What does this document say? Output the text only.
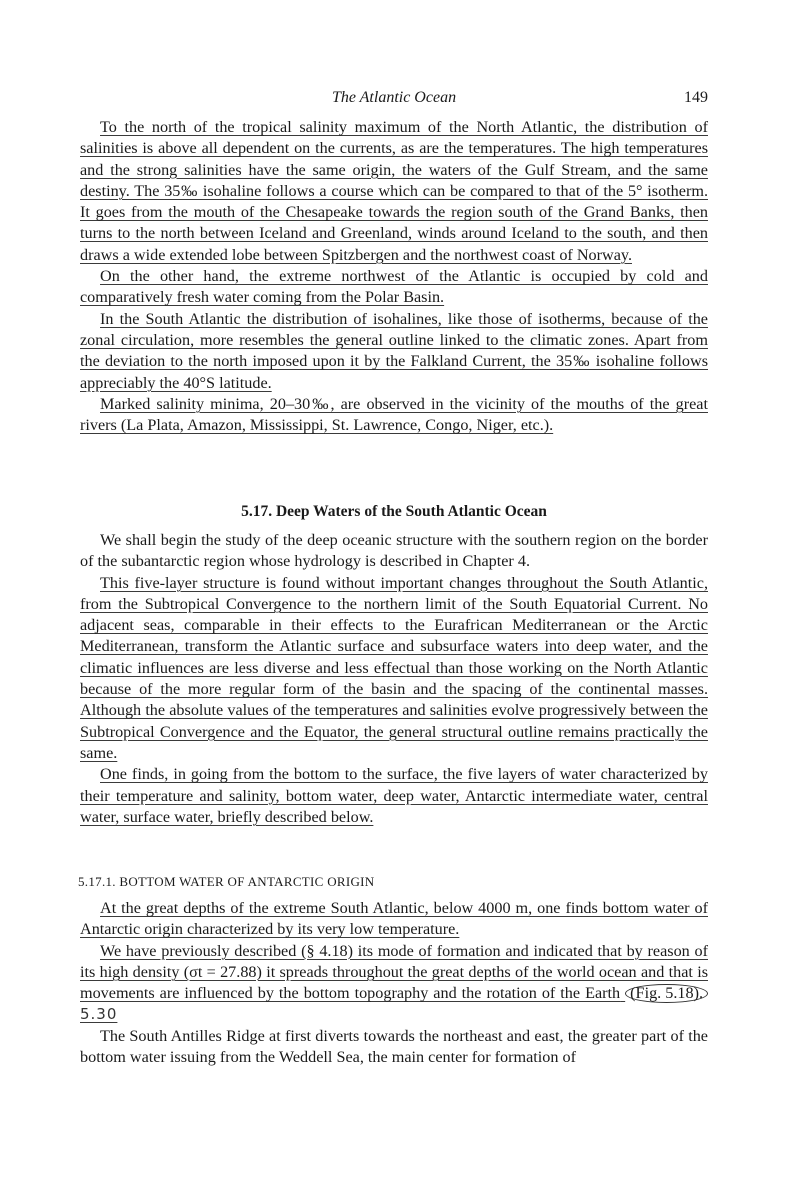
The Atlantic Ocean	149

To the north of the tropical salinity maximum of the North Atlantic, the distribution of salinities is above all dependent on the currents, as are the temperatures. The high temperatures and the strong salinities have the same origin, the waters of the Gulf Stream, and the same destiny. The 35‰ isohaline follows a course which can be compared to that of the 5° isotherm. It goes from the mouth of the Chesapeake towards the region south of the Grand Banks, then turns to the north between Iceland and Greenland, winds around Iceland to the south, and then draws a wide extended lobe between Spitzbergen and the northwest coast of Norway.

On the other hand, the extreme northwest of the Atlantic is occupied by cold and comparatively fresh water coming from the Polar Basin.

In the South Atlantic the distribution of isohalines, like those of isotherms, because of the zonal circulation, more resembles the general outline linked to the climatic zones. Apart from the deviation to the north imposed upon it by the Falkland Current, the 35‰ isohaline follows appreciably the 40°S latitude.

Marked salinity minima, 20–30‰, are observed in the vicinity of the mouths of the great rivers (La Plata, Amazon, Mississippi, St. Lawrence, Congo, Niger, etc.).

5.17. Deep Waters of the South Atlantic Ocean

We shall begin the study of the deep oceanic structure with the southern region on the border of the subantarctic region whose hydrology is described in Chapter 4.

This five-layer structure is found without important changes throughout the South Atlantic, from the Subtropical Convergence to the northern limit of the South Equatorial Current. No adjacent seas, comparable in their effects to the Eurafrican Mediterranean or the Arctic Mediterranean, transform the Atlantic surface and subsurface waters into deep water, and the climatic influences are less diverse and less effectual than those working on the North Atlantic because of the more regular form of the basin and the spacing of the continental masses. Although the absolute values of the temperatures and salinities evolve progressively between the Subtropical Convergence and the Equator, the general structural outline remains practically the same.

One finds, in going from the bottom to the surface, the five layers of water characterized by their temperature and salinity, bottom water, deep water, Antarctic intermediate water, central water, surface water, briefly described below.

5.17.1. BOTTOM WATER OF ANTARCTIC ORIGIN

At the great depths of the extreme South Atlantic, below 4000 m, one finds bottom water of Antarctic origin characterized by its very low temperature.

We have previously described (§ 4.18) its mode of formation and indicated that by reason of its high density (σt = 27.88) it spreads throughout the great depths of the world ocean and that is movements are influenced by the bottom topography and the rotation of the Earth (Fig. 5.18). 5.30

The South Antilles Ridge at first diverts towards the northeast and east, the greater part of the bottom water issuing from the Weddell Sea, the main center for formation of
